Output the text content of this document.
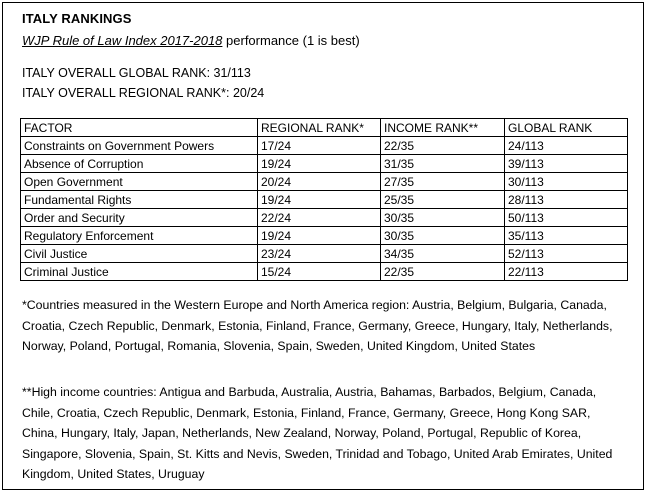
ITALY RANKINGS
WJP Rule of Law Index 2017-2018 performance (1 is best)
ITALY OVERALL GLOBAL RANK: 31/113
ITALY OVERALL REGIONAL RANK*: 20/24
FACTOR	REGIONAL RANK*	INCOME RANK**	GLOBAL RANK
Constraints on Government Powers	17/24	22/35	24/113
Absence of Corruption	19/24	31/35	39/113
Open Government	20/24	27/35	30/113
Fundamental Rights	19/24	25/35	28/113
Order and Security	22/24	30/35	50/113
Regulatory Enforcement	19/24	30/35	35/113
Civil Justice	23/24	34/35	52/113
Criminal Justice	15/24	22/35	22/113
*Countries measured in the Western Europe and North America region: Austria, Belgium, Bulgaria, Canada, Croatia, Czech Republic, Denmark, Estonia, Finland, France, Germany, Greece, Hungary, Italy, Netherlands, Norway, Poland, Portugal, Romania, Slovenia, Spain, Sweden, United Kingdom, United States
**High income countries: Antigua and Barbuda, Australia, Austria, Bahamas, Barbados, Belgium, Canada, Chile, Croatia, Czech Republic, Denmark, Estonia, Finland, France, Germany, Greece, Hong Kong SAR, China, Hungary, Italy, Japan, Netherlands, New Zealand, Norway, Poland, Portugal, Republic of Korea, Singapore, Slovenia, Spain, St. Kitts and Nevis, Sweden, Trinidad and Tobago, United Arab Emirates, United Kingdom, United States, Uruguay
